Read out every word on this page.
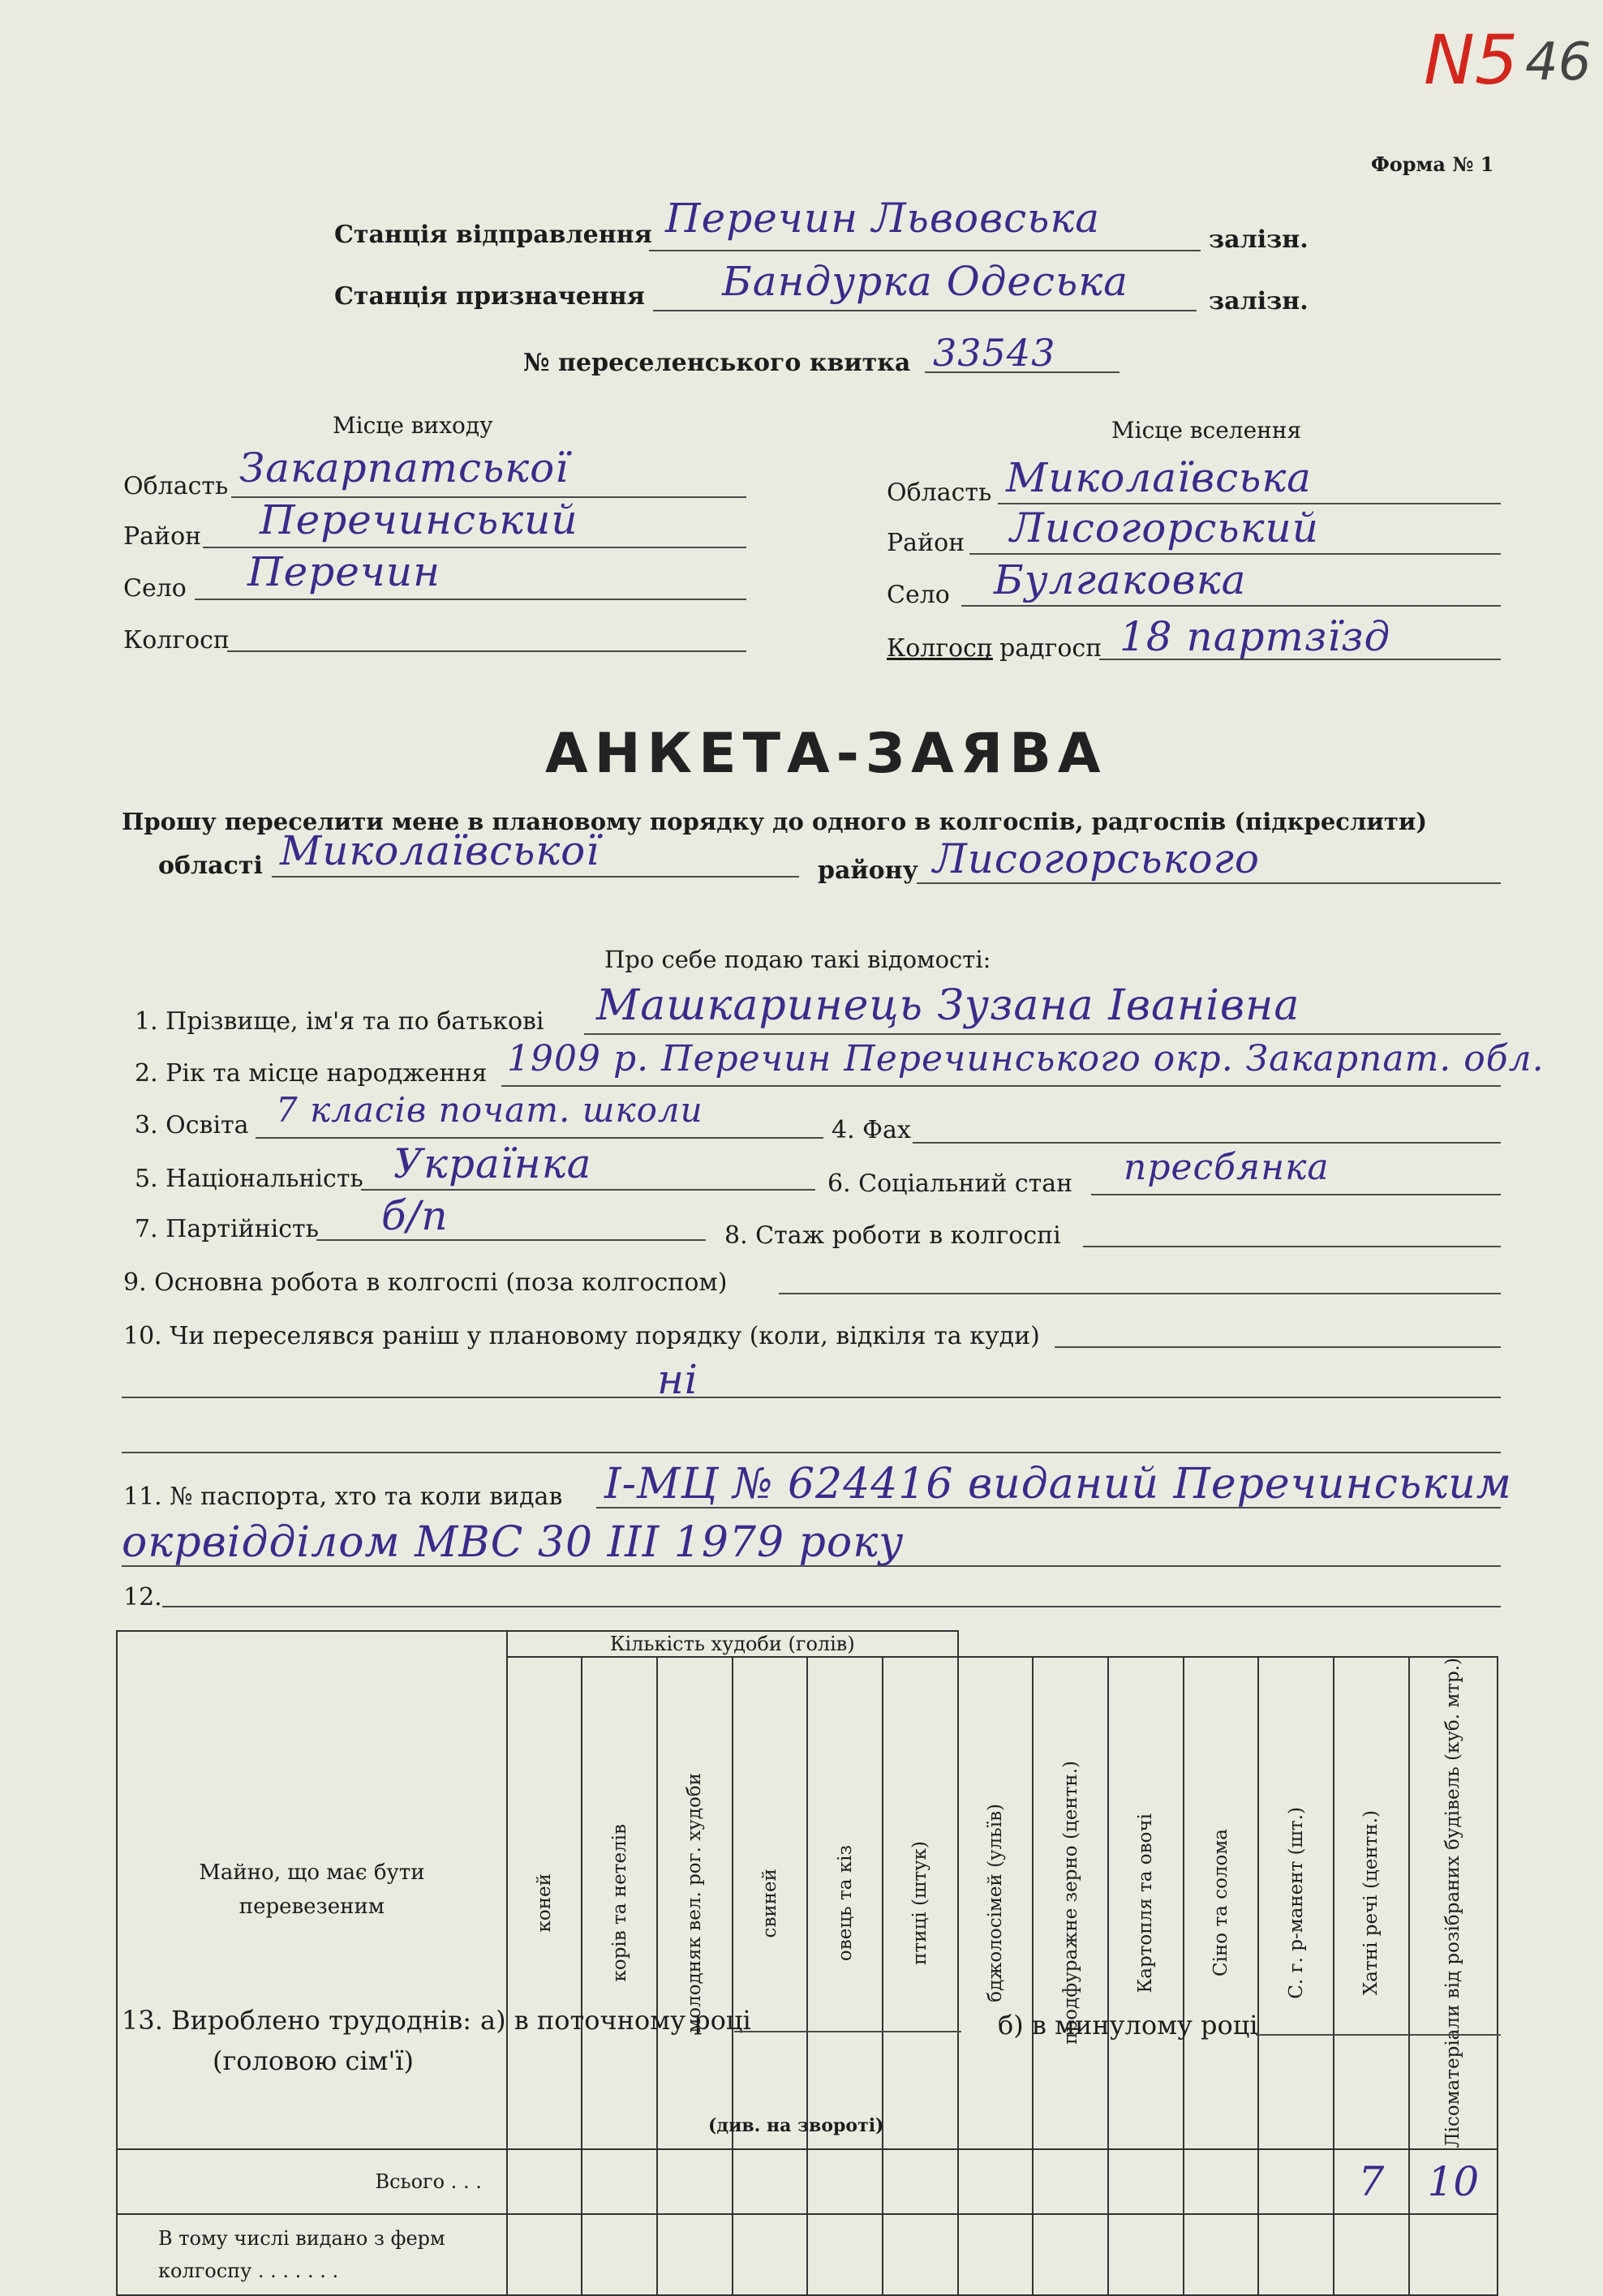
N5 46
Форма № 1
Станція відправлення Перечин Львовська	залізн.
Станція призначення Бандурка Одеська	залізн.
№ переселенського квитка 33543
Місце виходу
Область Закарпатської
Район Перечинський
Село Перечин
Колгосп
Місце вселення
Область Миколаївська
Район Лисогорський
Село Булгаковка
Колгосп
, радгосп 18 партзїзд
АНКЕТА-ЗАЯВА
Прошу переселити мене в плановому порядку до одного в колгоспів, радгоспів (підкреслити)
області Миколаївської	району Лисогорського
Про себе подаю такі відомості:
1. Прізвище, ім'я та по батькові Машкаринець Зузана Іванівна
2. Рік та місце народження 1909 р. Перечин Перечинського окр. Закарпат. обл.
3. Освіта 7 класів почат. школи
4. Фах
5. Національність Українка	6. Соціальний стан пресбянка
7. Партійність б/п	8. Стаж роботи в колгоспі
9. Основна робота в колгоспі (поза колгоспом)
10. Чи переселявся раніш у плановому порядку (коли, відкіля та куди)
ні
11. № паспорта, хто та коли видав І-МЦ № 624416 виданий Перечинським
окрвідділом МВС 30 ІІІ 1979 року
12.
Майно, що має бути перевезеним	Кількість худоби (голів)												

	коней	корів та нетелів	молодняк вел. рог. худоби	свиней	овець та кіз	птиці (штук)	бджолосімей (ульїв)	продфуражне зерно (центн.)	Картопля та овочі	Сіно та солома	С. г. р-манент (шт.)	Хатні речі (центн.)	Лісоматеріали від розібраних будівель (куб. мтр.)

Всього . . .												7	10

В тому числі видано з ферм колгоспу . . . . . . .													

13. Вироблено трудоднів: а) в поточному році	б) в минулому році
(головою сім'ї)
(див. на звороті)
